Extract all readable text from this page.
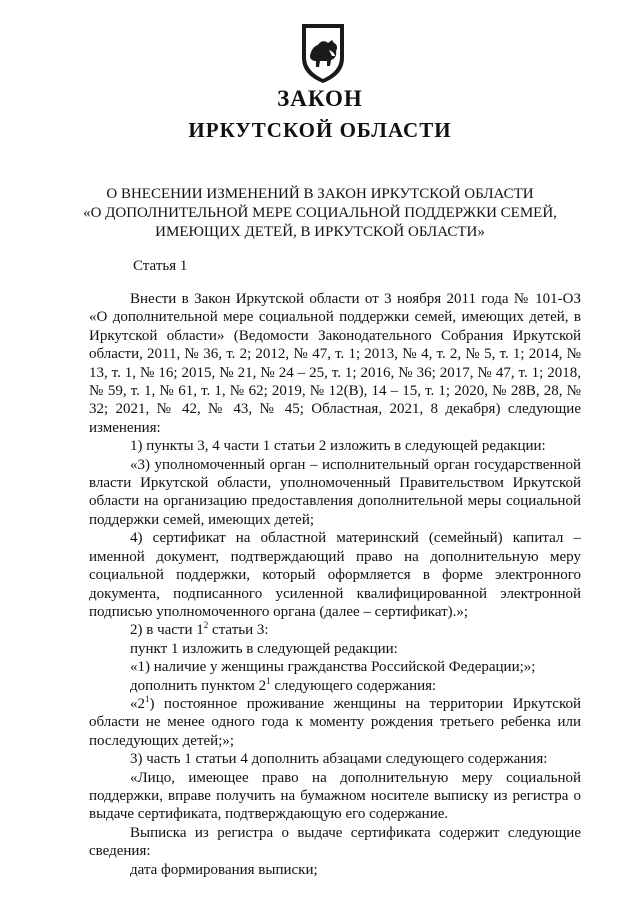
ЗАКОН
ИРКУТСКОЙ ОБЛАСТИ
О ВНЕСЕНИИ ИЗМЕНЕНИЙ В ЗАКОН ИРКУТСКОЙ ОБЛАСТИ
«О ДОПОЛНИТЕЛЬНОЙ МЕРЕ СОЦИАЛЬНОЙ ПОДДЕРЖКИ СЕМЕЙ,
ИМЕЮЩИХ ДЕТЕЙ, В ИРКУТСКОЙ ОБЛАСТИ»
Статья 1

Внести в Закон Иркутской области от 3 ноября 2011 года № 101-ОЗ «О дополнительной мере социальной поддержки семей, имеющих детей, в Иркутской области» (Ведомости Законодательного Собрания Иркутской области, 2011, № 36, т. 2; 2012, № 47, т. 1; 2013, № 4, т. 2, № 5, т. 1; 2014, № 13, т. 1, № 16; 2015, № 21, № 24 – 25, т. 1; 2016, № 36; 2017, № 47, т. 1; 2018, № 59, т. 1, № 61, т. 1, № 62; 2019, № 12(В), 14 – 15, т. 1; 2020, № 28В, 28, № 32; 2021, № 42, № 43, № 45; Областная, 2021, 8 декабря) следующие изменения:

1) пункты 3, 4 части 1 статьи 2 изложить в следующей редакции:

«3) уполномоченный орган – исполнительный орган государственной власти Иркутской области, уполномоченный Правительством Иркутской области на организацию предоставления дополнительной меры социальной поддержки семей, имеющих детей;

4) сертификат на областной материнский (семейный) капитал – именной документ, подтверждающий право на дополнительную меру социальной поддержки, который оформляется в форме электронного документа, подписанного усиленной квалифицированной электронной подписью уполномоченного органа (далее – сертификат).»;

2) в части $1^2$ статьи 3:

пункт 1 изложить в следующей редакции:

«1) наличие у женщины гражданства Российской Федерации;»;

дополнить пунктом $2^1$ следующего содержания:

«$2^1$) постоянное проживание женщины на территории Иркутской области не менее одного года к моменту рождения третьего ребенка или последующих детей;»;

3) часть 1 статьи 4 дополнить абзацами следующего содержания:

«Лицо, имеющее право на дополнительную меру социальной поддержки, вправе получить на бумажном носителе выписку из регистра о выдаче сертификата, подтверждающую его содержание.

Выписка из регистра о выдаче сертификата содержит следующие сведения:

дата формирования выписки;
